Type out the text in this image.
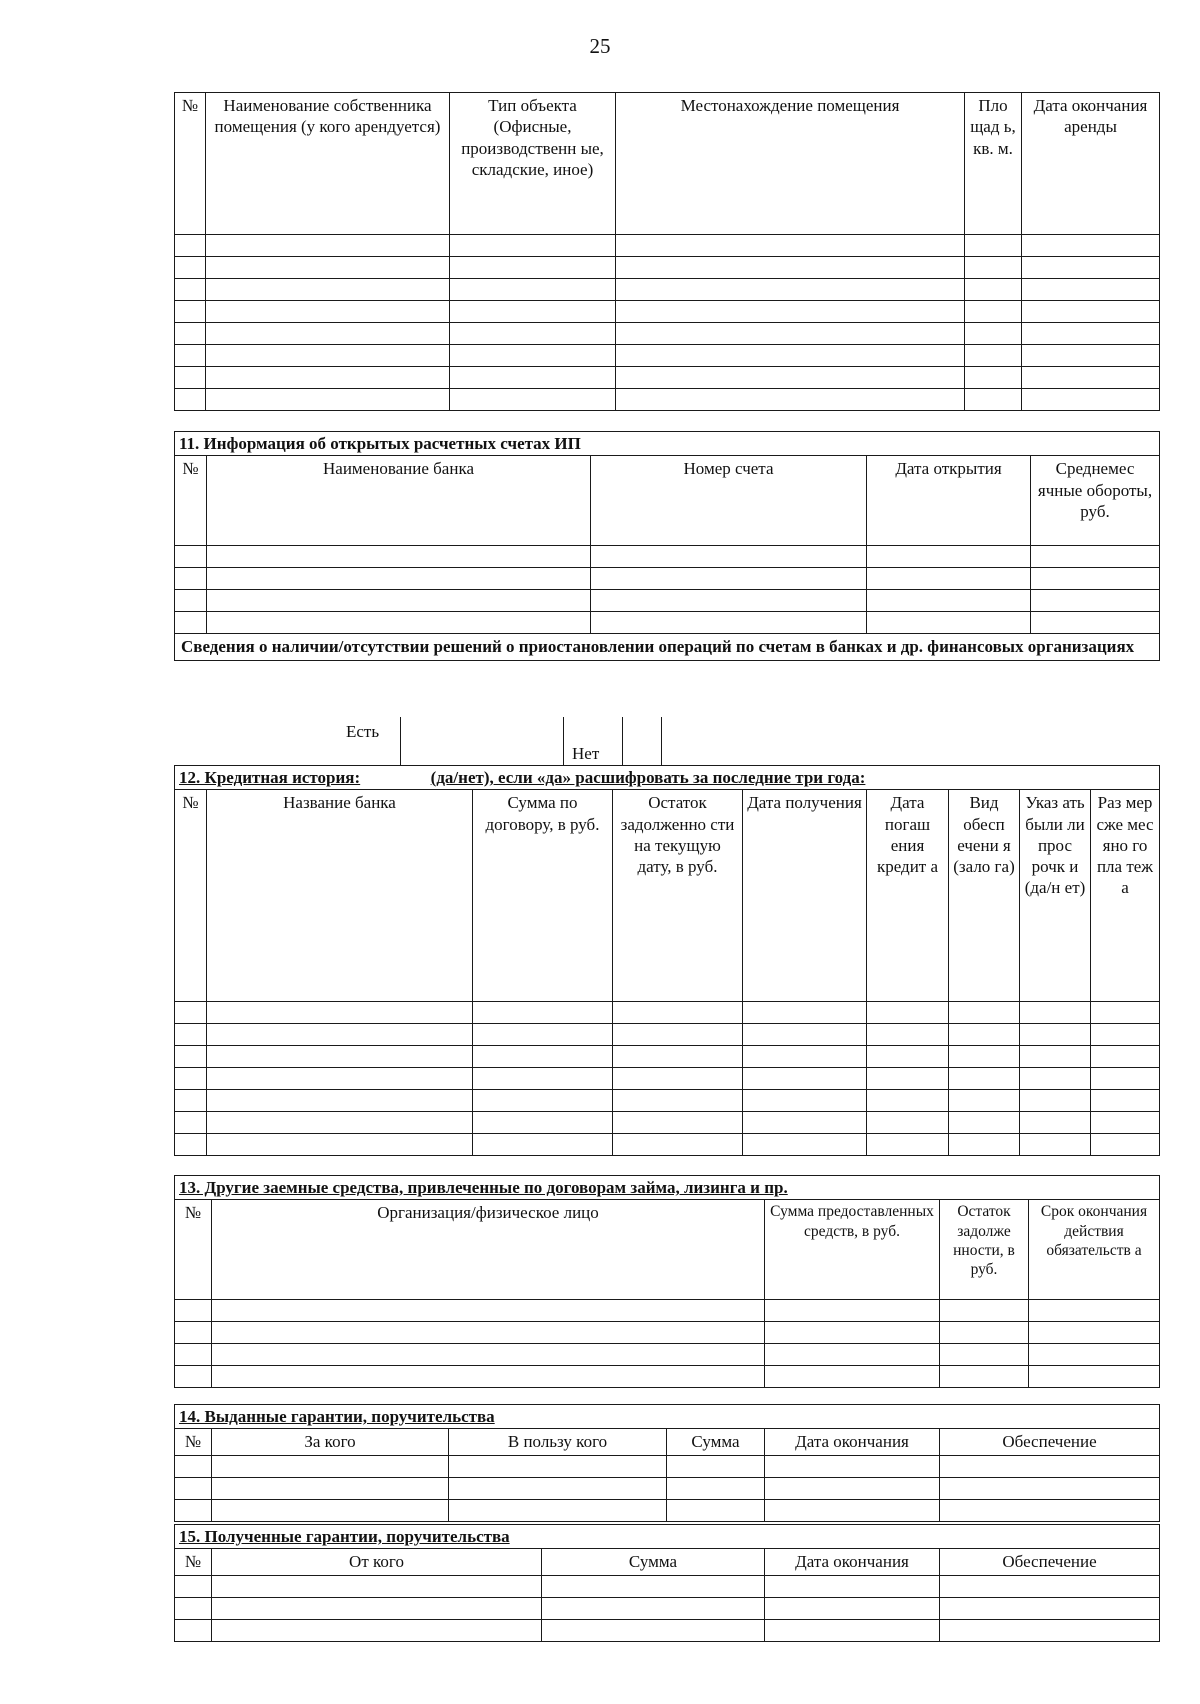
25
№	Наименование собственника помещения (у кого арендуется)	Тип объекта (Офисные, производственн ые, складские, иное)	Местонахождение помещения	Пло щад ь, кв. м.	Дата окончания аренды

11. Информация об открытых расчетных счетах ИП				
№	Наименование банка	Номер счета	Дата открытия	Среднемес ячные обороты, руб.

Сведения о наличии/отсутствии решений о приостановлении операций по счетам в банках и др. финансовых организациях				
Есть
Нет
12. Кредитная история: (да/нет), если «да» расшифровать за последние три года:								
№	Название банка	Сумма по договору, в руб.	Остаток задолженно сти на текущую дату, в руб.	Дата получения	Дата погаш ения кредит а	Вид обесп ечени я (зало га)	Указ ать были ли прос рочк и (да/н ет)	Раз мер сже мес яно го пла теж а

13. Другие заемные средства, привлеченные по договорам займа, лизинга и пр.				
№	Организация/физическое лицо	Сумма предоставленных средств, в руб.	Остаток задолже нности, в руб.	Срок окончания действия обязательств а

14. Выданные гарантии, поручительства					
№	За кого	В пользу кого	Сумма	Дата окончания	Обеспечение

15. Полученные гарантии, поручительства				
№	От кого	Сумма	Дата окончания	Обеспечение
